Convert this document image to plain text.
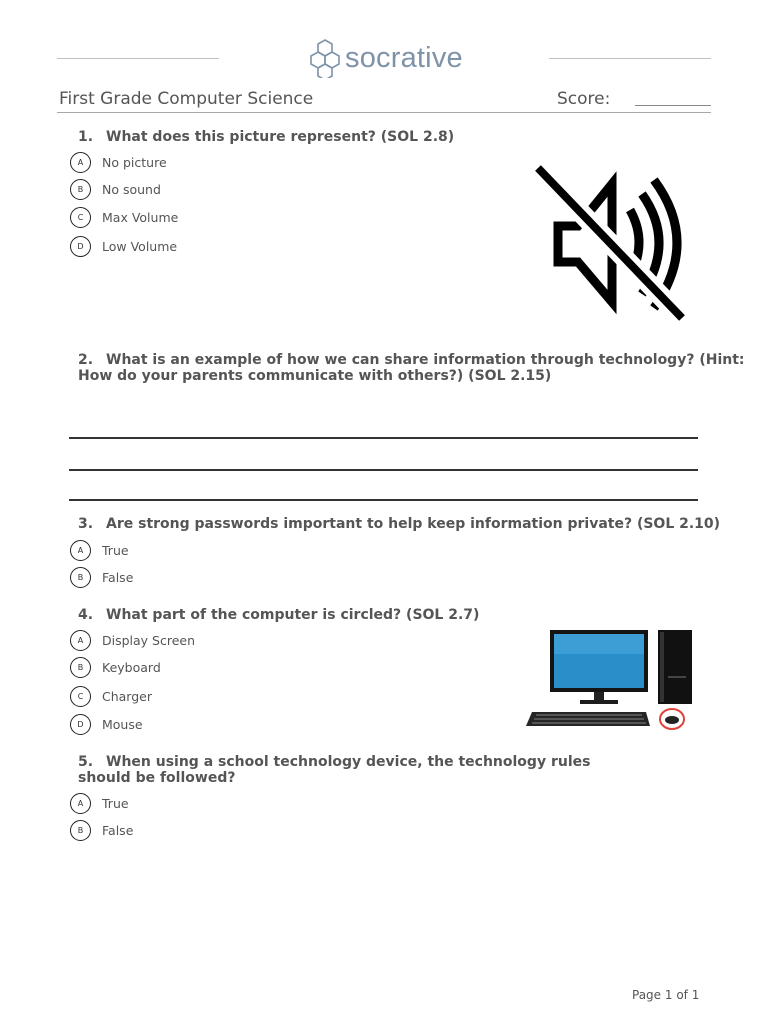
socrative
First Grade Computer Science	Score:
1. What does this picture represent? (SOL 2.8)
A	No picture
B	No sound
C	Max Volume
D	Low Volume
2. What is an example of how we can share information through technology? (Hint: How do your parents communicate with others?) (SOL 2.15)
3. Are strong passwords important to help keep information private? (SOL 2.10)
A	True
B	False
4. What part of the computer is circled? (SOL 2.7)
A	Display Screen
B	Keyboard
C	Charger
D	Mouse
5. When using a school technology device, the technology rules should be followed?
A	True
B	False
Page 1 of 1
